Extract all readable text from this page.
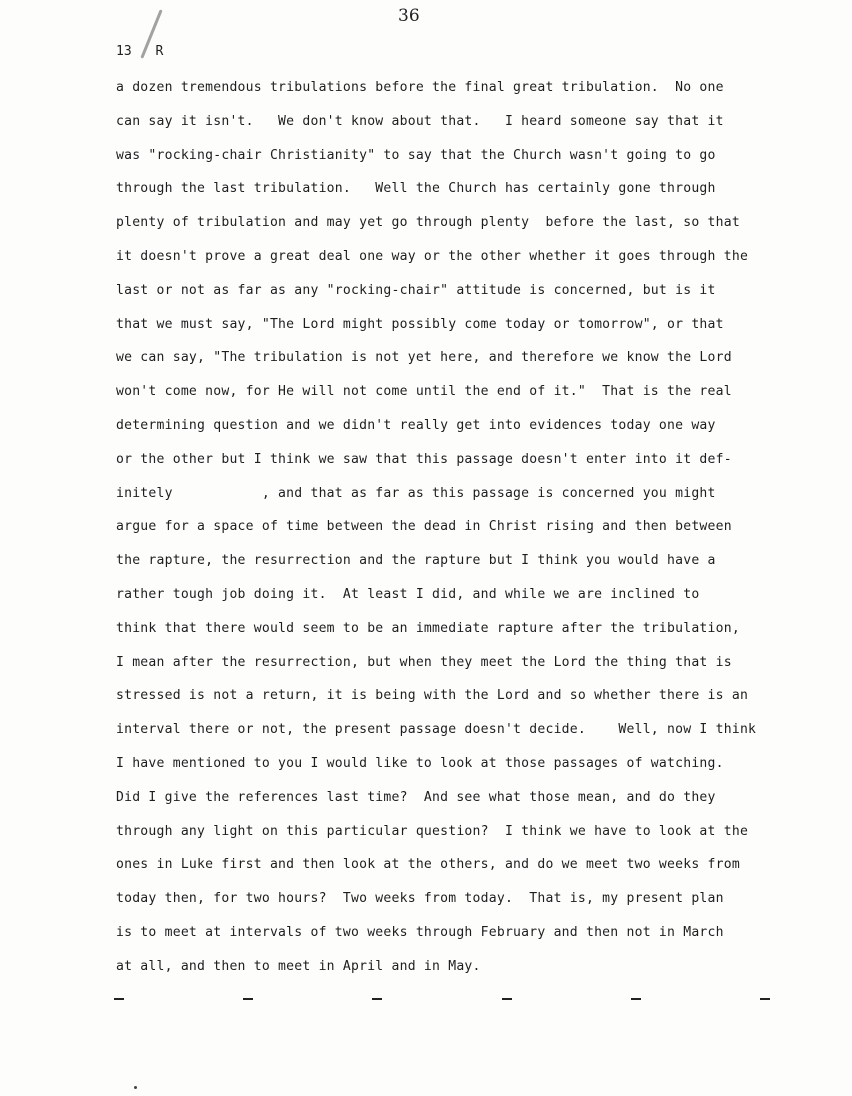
36
13 R
a dozen tremendous tribulations before the final great tribulation.  No one
can say it isn't.   We don't know about that.   I heard someone say that it
was "rocking-chair Christianity" to say that the Church wasn't going to go
through the last tribulation.   Well the Church has certainly gone through
plenty of tribulation and may yet go through plenty  before the last, so that
it doesn't prove a great deal one way or the other whether it goes through the
last or not as far as any "rocking-chair" attitude is concerned, but is it
that we must say, "The Lord might possibly come today or tomorrow", or that
we can say, "The tribulation is not yet here, and therefore we know the Lord
won't come now, for He will not come until the end of it."  That is the real
determining question and we didn't really get into evidences today one way
or the other but I think we saw that this passage doesn't enter into it def-
initely           , and that as far as this passage is concerned you might
argue for a space of time between the dead in Christ rising and then between
the rapture, the resurrection and the rapture but I think you would have a
rather tough job doing it.  At least I did, and while we are inclined to
think that there would seem to be an immediate rapture after the tribulation,
I mean after the resurrection, but when they meet the Lord the thing that is
stressed is not a return, it is being with the Lord and so whether there is an
interval there or not, the present passage doesn't decide.    Well, now I think
I have mentioned to you I would like to look at those passages of watching.
Did I give the references last time?  And see what those mean, and do they
through any light on this particular question?  I think we have to look at the
ones in Luke first and then look at the others, and do we meet two weeks from
today then, for two hours?  Two weeks from today.  That is, my present plan
is to meet at intervals of two weeks through February and then not in March
at all, and then to meet in April and in May.
